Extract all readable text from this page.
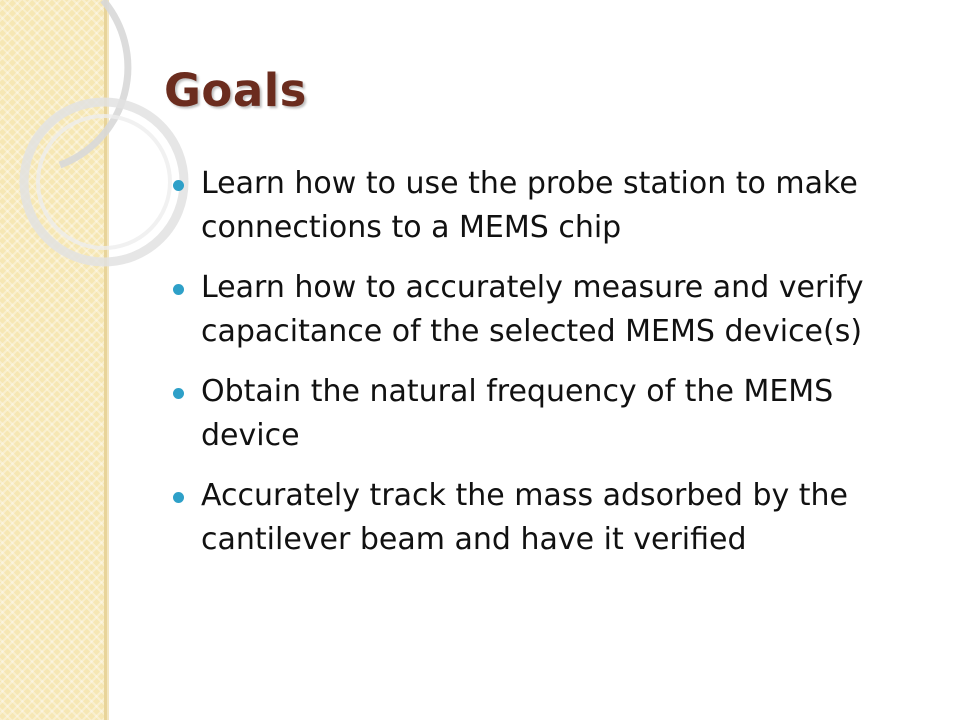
Goals
Learn how to use the probe station to make connections to a MEMS chip
Learn how to accurately measure and verify capacitance of the selected MEMS device(s)
Obtain the natural frequency of the MEMS device
Accurately track the mass adsorbed by the cantilever beam and have it verified
